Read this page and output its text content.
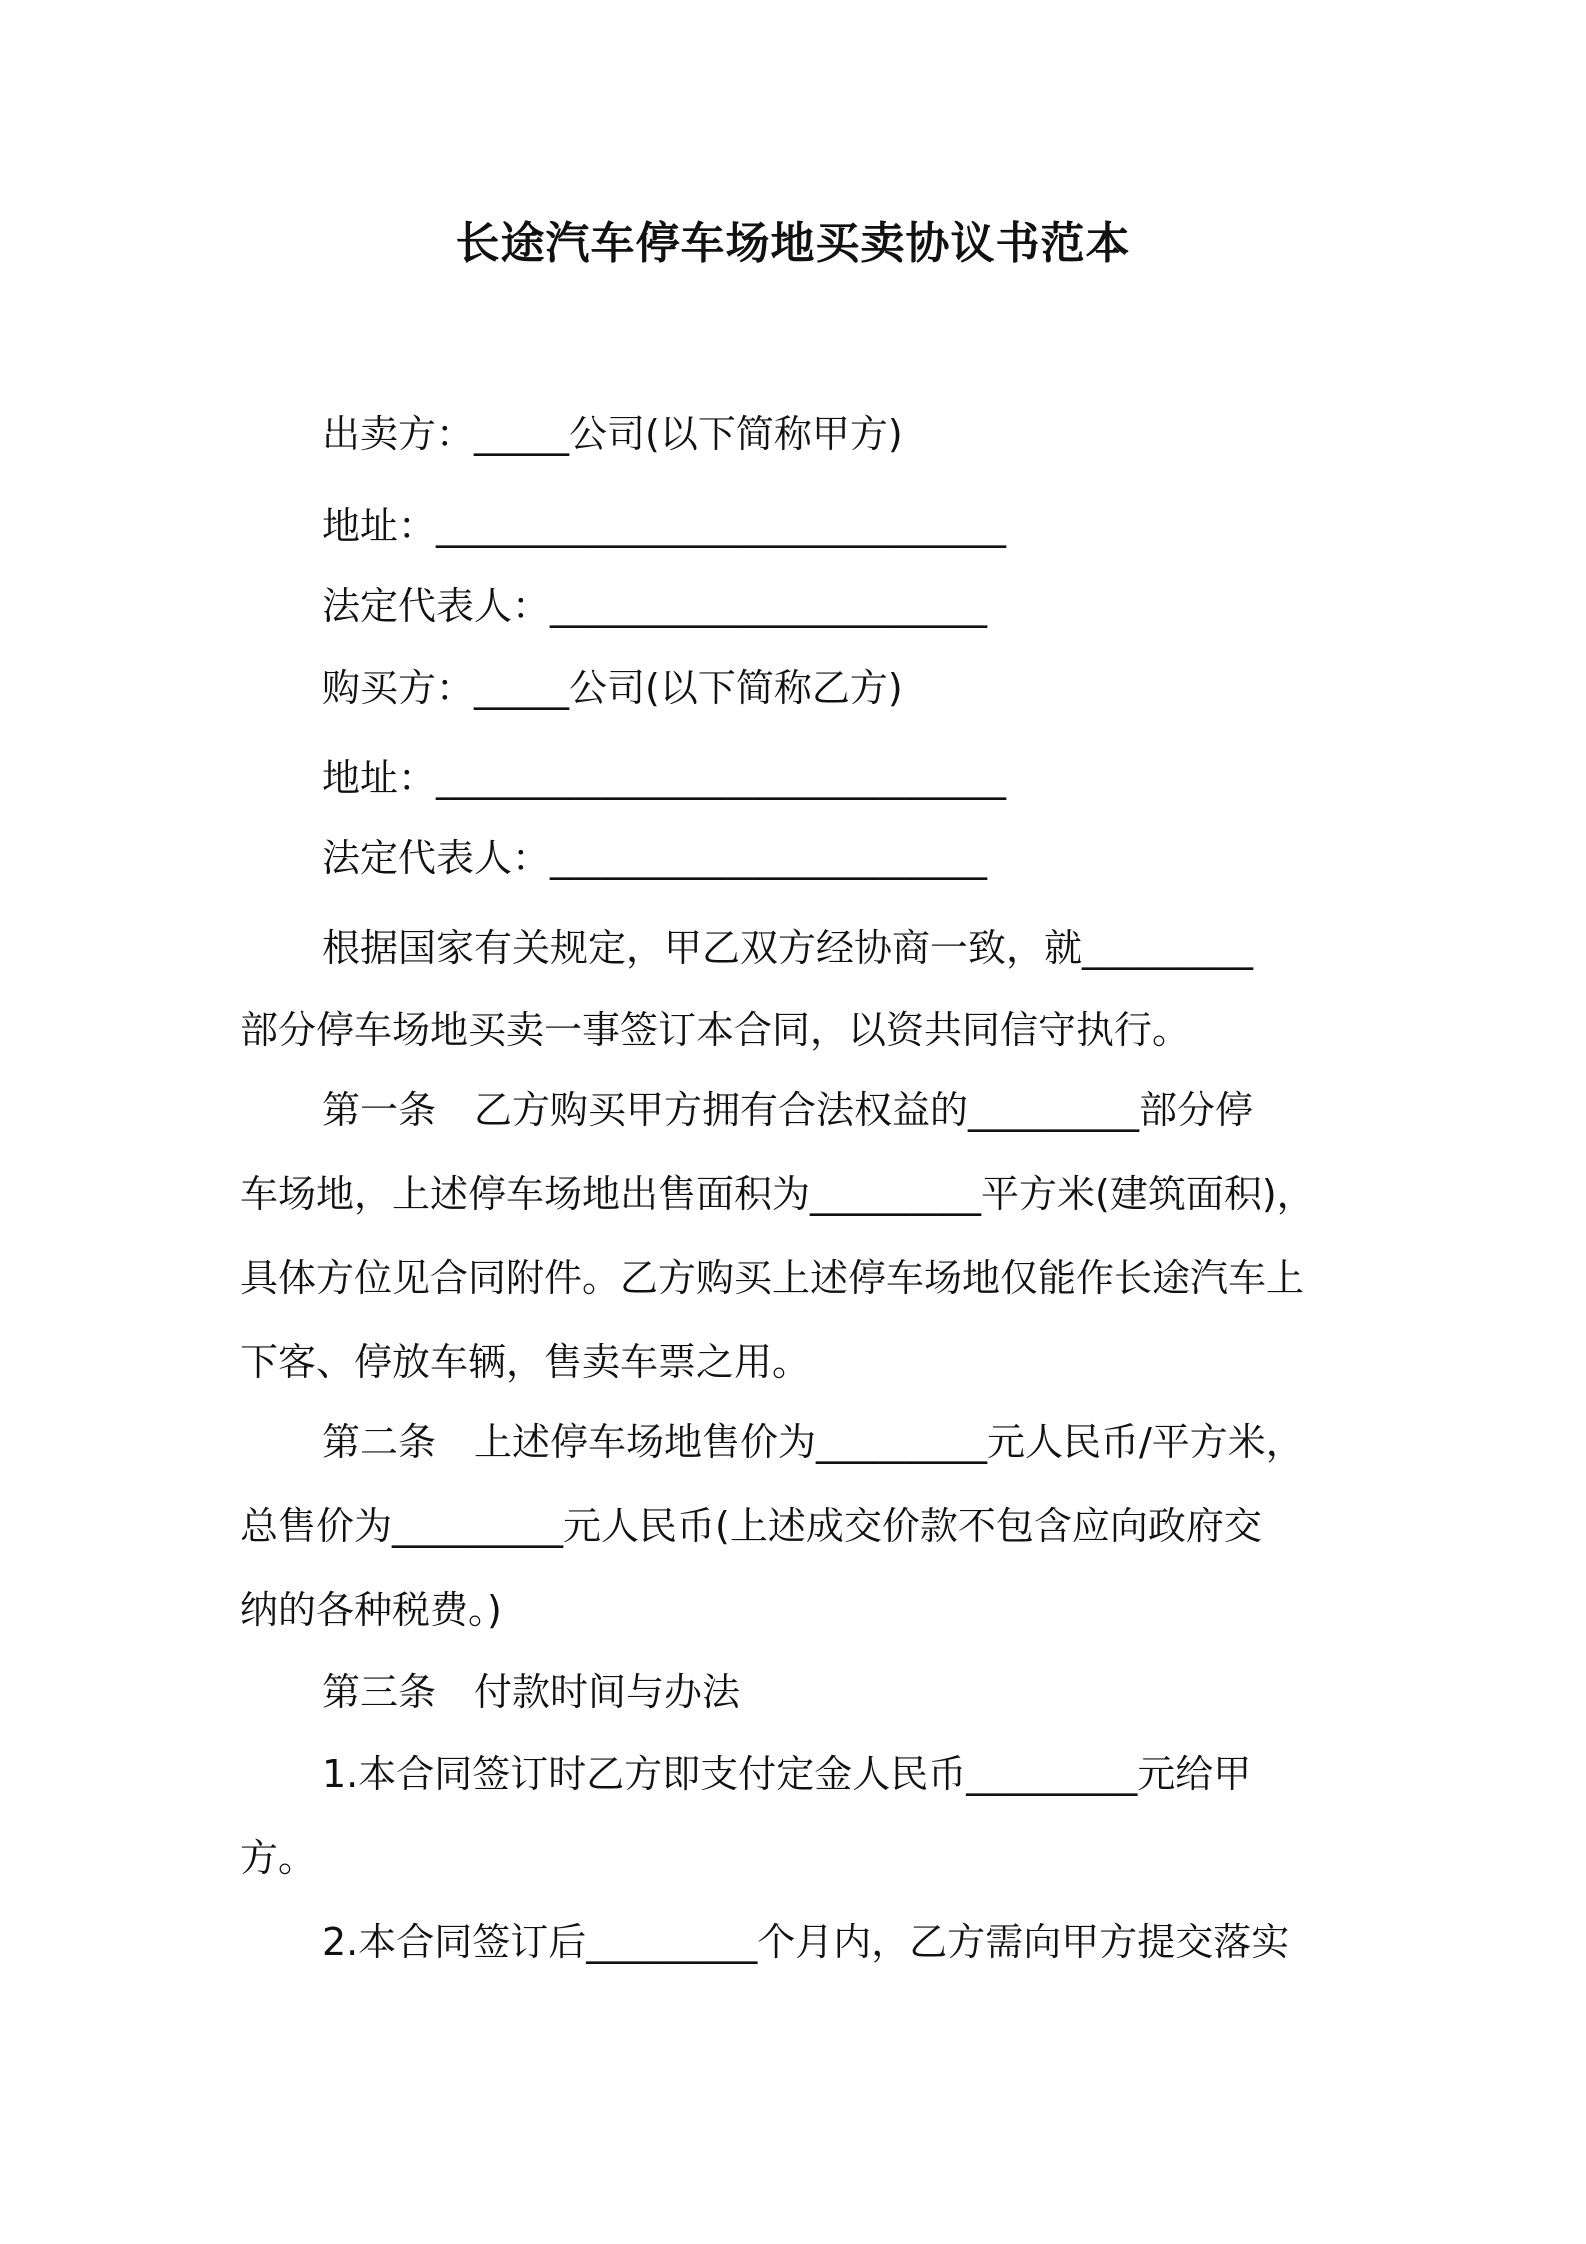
长途汽车停车场地买卖协议书范本
出卖方：_____公司(以下简称甲方)
地址：______________________________
法定代表人：_______________________
购买方：_____公司(以下简称乙方)
地址：______________________________
法定代表人：_______________________
根据国家有关规定，甲乙双方经协商一致，就_________
部分停车场地买卖一事签订本合同，以资共同信守执行。
第一条　乙方购买甲方拥有合法权益的_________部分停
车场地，上述停车场地出售面积为_________平方米(建筑面积)，
具体方位见合同附件。乙方购买上述停车场地仅能作长途汽车上
下客、停放车辆，售卖车票之用。
第二条　上述停车场地售价为_________元人民币/平方米，
总售价为_________元人民币(上述成交价款不包含应向政府交
纳的各种税费。)
第三条　付款时间与办法
1.本合同签订时乙方即支付定金人民币_________元给甲
方。
2.本合同签订后_________个月内，乙方需向甲方提交落实
